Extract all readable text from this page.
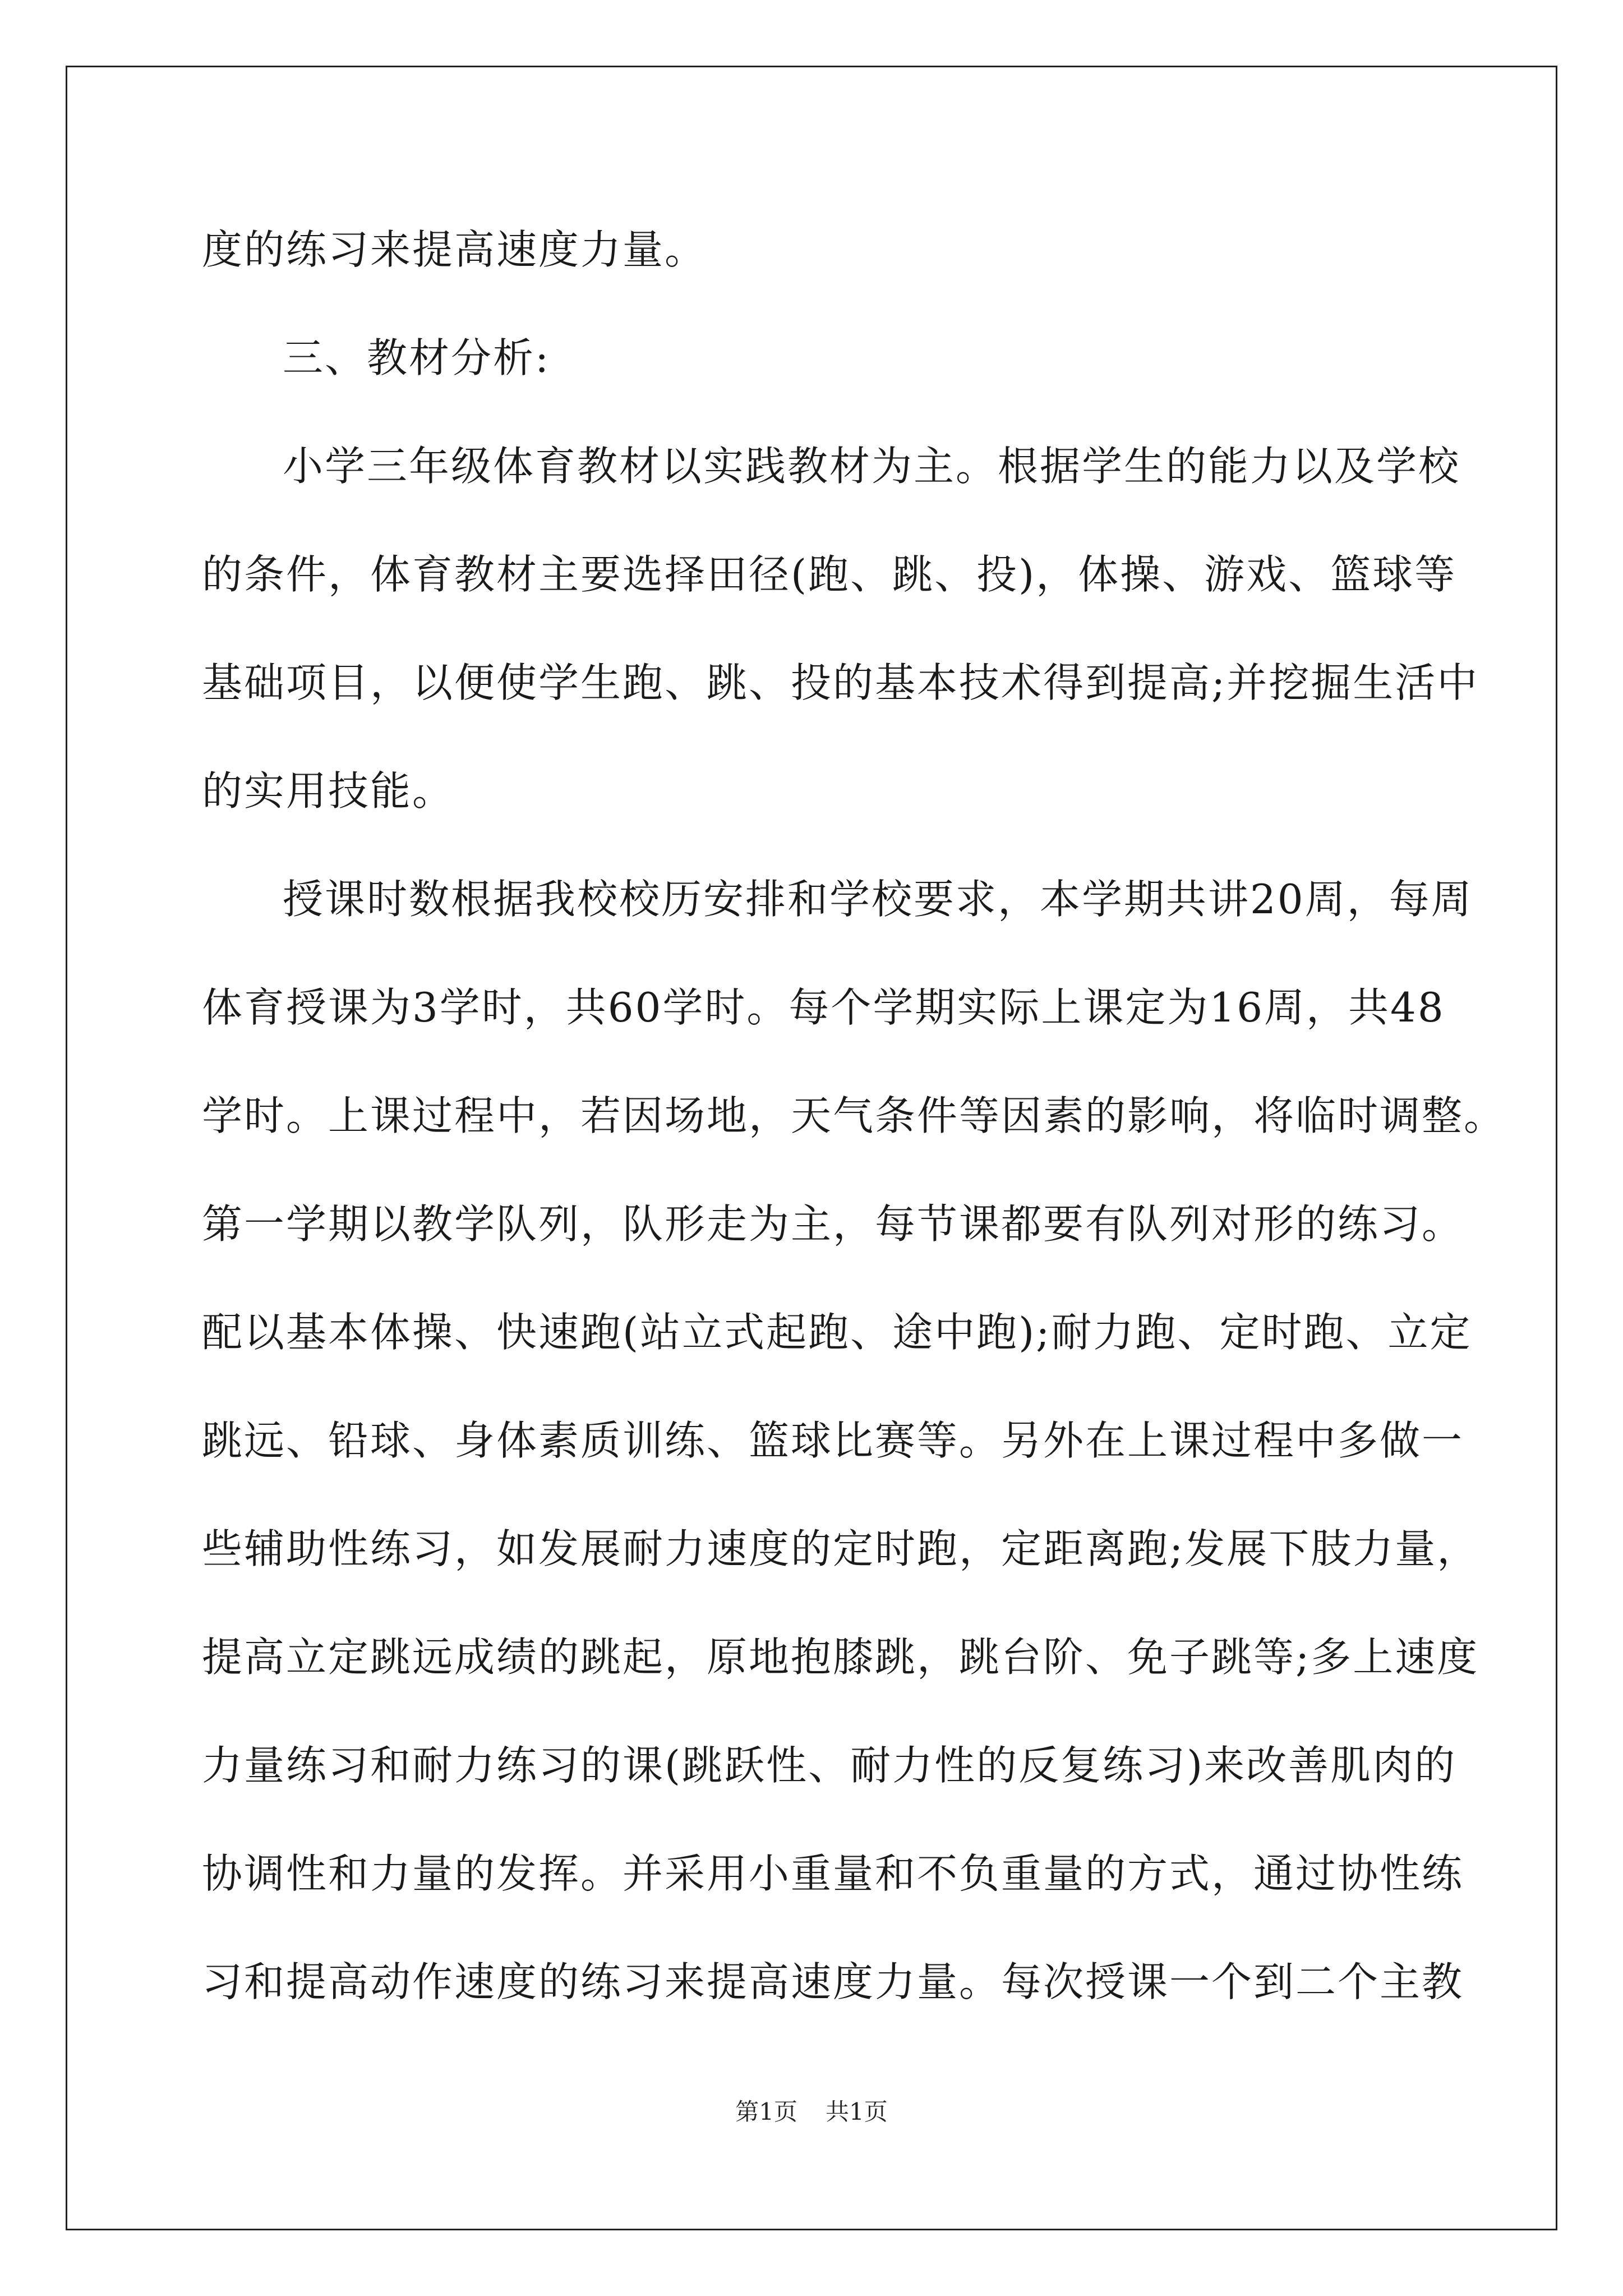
度的练习来提高速度力量。
三、教材分析:
小学三年级体育教材以实践教材为主。根据学生的能力以及学校
的条件，体育教材主要选择田径(跑、跳、投)，体操、游戏、篮球等
基础项目，以便使学生跑、跳、投的基本技术得到提高;并挖掘生活中
的实用技能。
授课时数根据我校校历安排和学校要求，本学期共讲20周，每周
体育授课为3学时，共60学时。每个学期实际上课定为16周，共48
学时。上课过程中，若因场地，天气条件等因素的影响，将临时调整。
第一学期以教学队列，队形走为主，每节课都要有队列对形的练习。
配以基本体操、快速跑(站立式起跑、途中跑);耐力跑、定时跑、立定
跳远、铅球、身体素质训练、篮球比赛等。另外在上课过程中多做一
些辅助性练习，如发展耐力速度的定时跑，定距离跑;发展下肢力量，
提高立定跳远成绩的跳起，原地抱膝跳，跳台阶、免子跳等;多上速度
力量练习和耐力练习的课(跳跃性、耐力性的反复练习)来改善肌肉的
协调性和力量的发挥。并采用小重量和不负重量的方式，通过协性练
习和提高动作速度的练习来提高速度力量。每次授课一个到二个主教
第1页 共1页
